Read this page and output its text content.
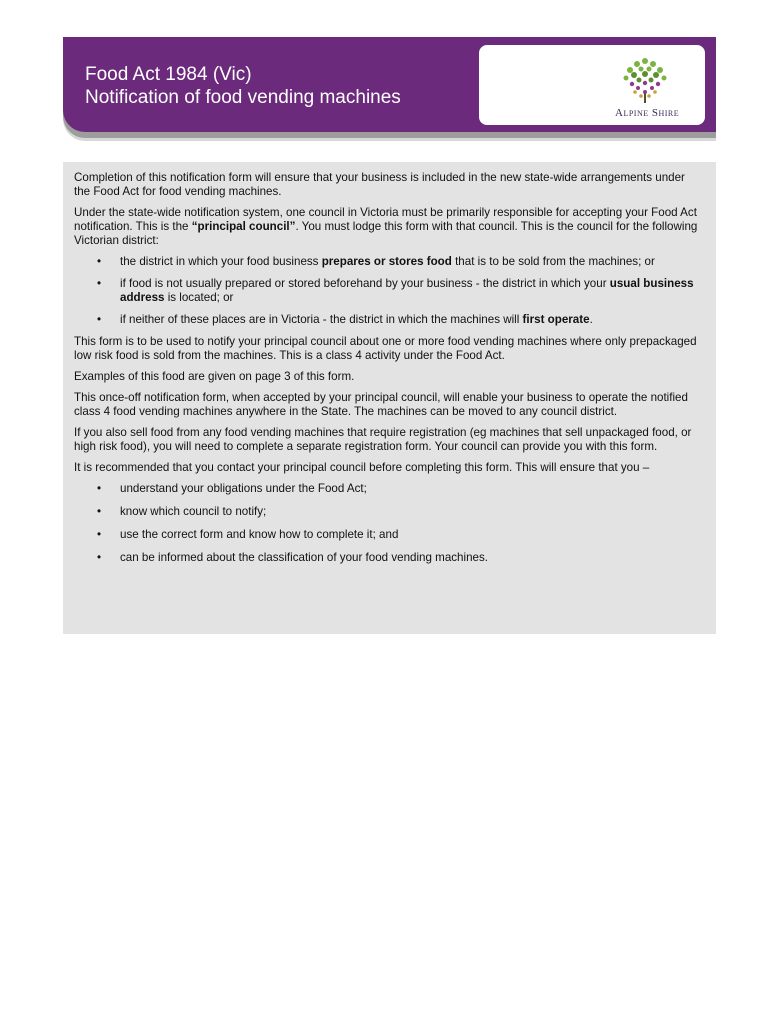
Food Act 1984 (Vic)
Notification of food vending machines
Alpine Shire

Completion of this notification form will ensure that your business is included in the new state-wide arrangements under the Food Act for food vending machines.

Under the state-wide notification system, one council in Victoria must be primarily responsible for accepting your Food Act notification. This is the “principal council”. You must lodge this form with that council. This is the council for the following Victorian district:

• the district in which your food business prepares or stores food that is to be sold from the machines; or
• if food is not usually prepared or stored beforehand by your business - the district in which your usual business address is located; or
• if neither of these places are in Victoria - the district in which the machines will first operate.

This form is to be used to notify your principal council about one or more food vending machines where only prepackaged low risk food is sold from the machines. This is a class 4 activity under the Food Act.

Examples of this food are given on page 3 of this form.

This once-off notification form, when accepted by your principal council, will enable your business to operate the notified class 4 food vending machines anywhere in the State. The machines can be moved to any council district.

If you also sell food from any food vending machines that require registration (eg machines that sell unpackaged food, or high risk food), you will need to complete a separate registration form. Your council can provide you with this form.

It is recommended that you contact your principal council before completing this form. This will ensure that you –

• understand your obligations under the Food Act;
• know which council to notify;
• use the correct form and know how to complete it; and
• can be informed about the classification of your food vending machines.
